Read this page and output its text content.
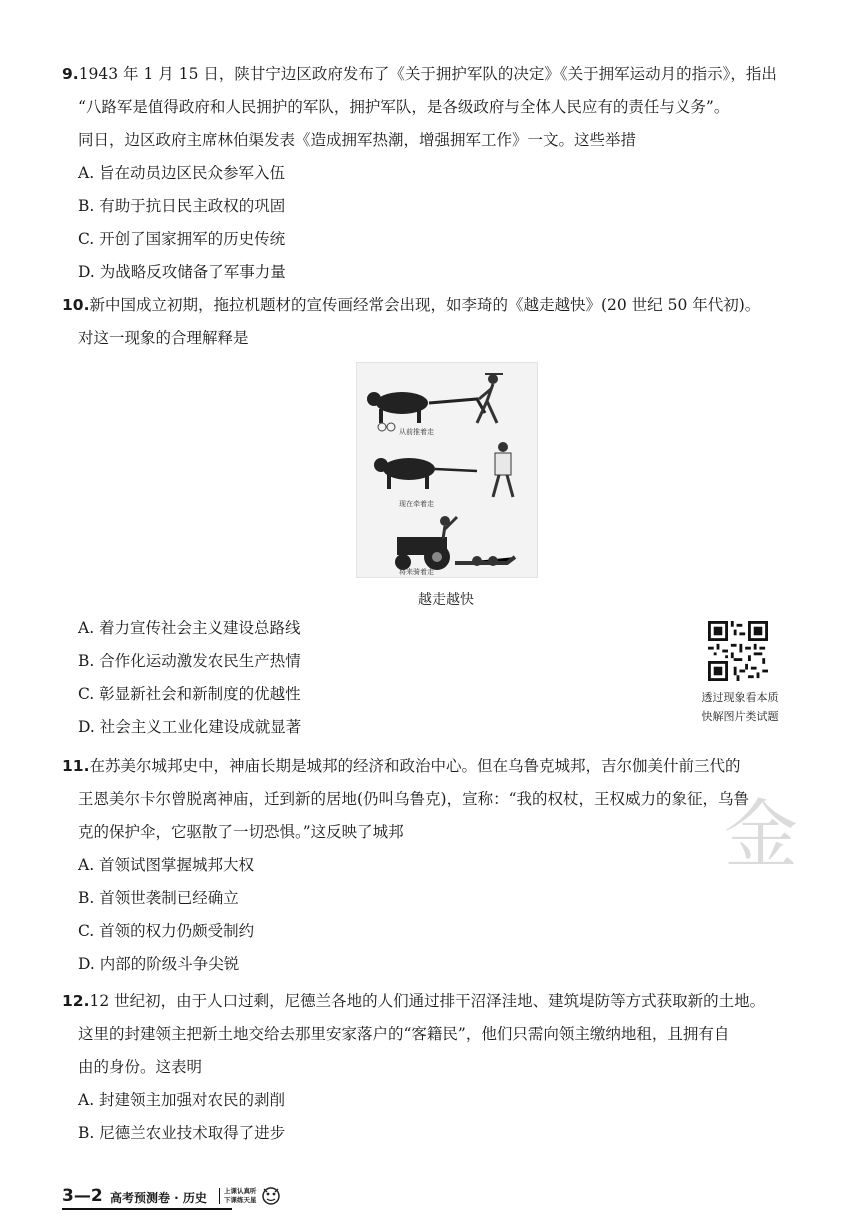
9.1943 年 1 月 15 日，陕甘宁边区政府发布了《关于拥护军队的决定》《关于拥军运动月的指示》，指出
“八路军是值得政府和人民拥护的军队，拥护军队，是各级政府与全体人民应有的责任与义务”。
同日，边区政府主席林伯渠发表《造成拥军热潮，增强拥军工作》一文。这些举措
A. 旨在动员边区民众参军入伍
B. 有助于抗日民主政权的巩固
C. 开创了国家拥军的历史传统
D. 为战略反攻储备了军事力量
10.新中国成立初期，拖拉机题材的宣传画经常会出现，如李琦的《越走越快》(20 世纪 50 年代初)。
对这一现象的合理解释是
从前推着走
现在牵着走
将来骑着走
越走越快
A. 着力宣传社会主义建设总路线
B. 合作化运动激发农民生产热情
C. 彰显新社会和新制度的优越性
D. 社会主义工业化建设成就显著
透过现象看本质
快解图片类试题
11.在苏美尔城邦史中，神庙长期是城邦的经济和政治中心。但在乌鲁克城邦，吉尔伽美什前三代的
王恩美尔卡尔曾脱离神庙，迁到新的居地(仍叫乌鲁克)，宣称：“我的权杖，王权威力的象征，乌鲁
克的保护伞，它驱散了一切恐惧。”这反映了城邦
A. 首领试图掌握城邦大权
B. 首领世袭制已经确立
C. 首领的权力仍颇受制约
D. 内部的阶级斗争尖锐
金
12.12 世纪初，由于人口过剩，尼德兰各地的人们通过排干沼泽洼地、建筑堤防等方式获取新的土地。
这里的封建领主把新土地交给去那里安家落户的“客籍民”，他们只需向领主缴纳地租，且拥有自
由的身份。这表明
A. 封建领主加强对农民的剥削
B. 尼德兰农业技术取得了进步
3—2 高考预测卷 · 历史	上课认真听
下课练天星
